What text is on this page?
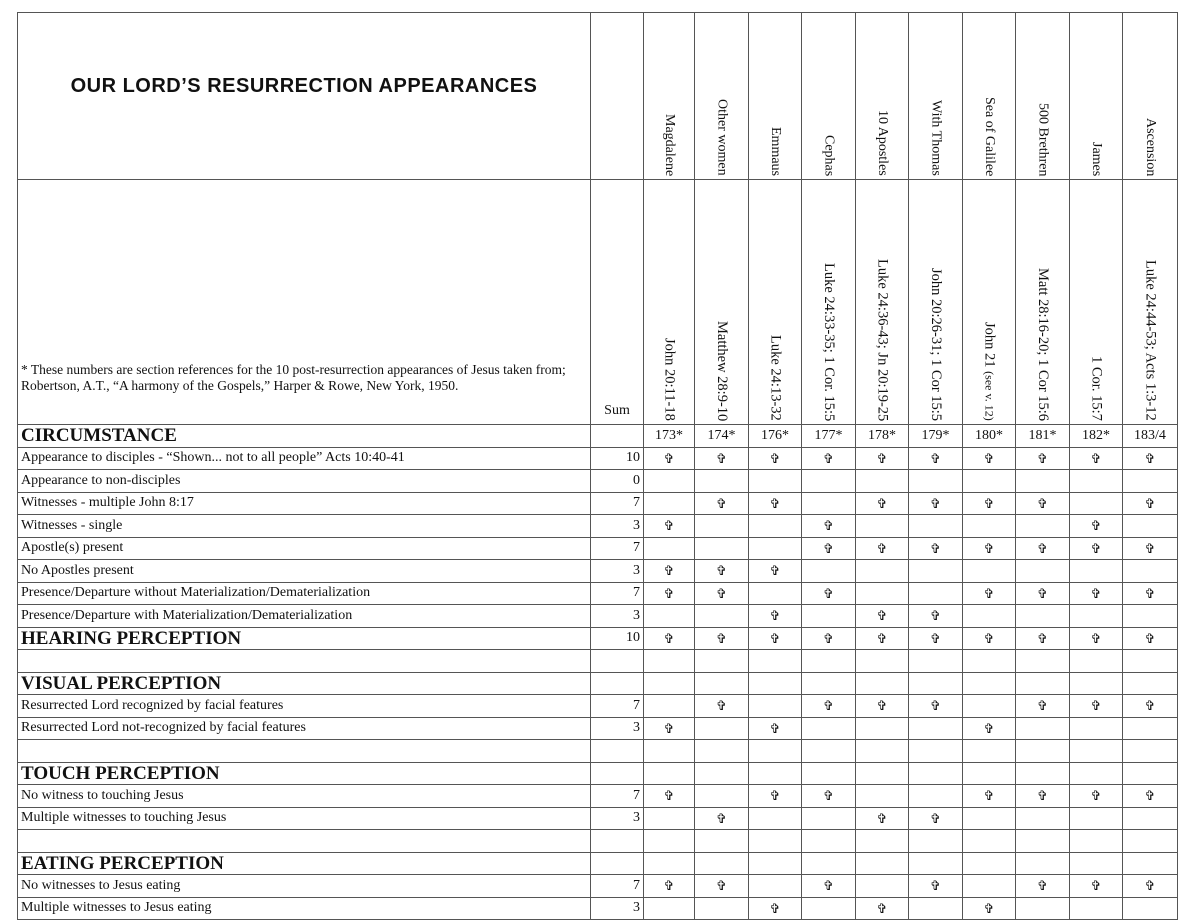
OUR LORD’S RESURRECTION APPEARANCES		Magdalene	Other women	Emmaus	Cephas	10 Apostles	With Thomas	Sea of Galilee	500 Brethren	James	Ascension

* These numbers are section references for the 10 post-resurrection appearances of Jesus taken from; Robertson, A.T., “A harmony of the Gospels,” Harper & Rowe, New York, 1950.	Sum	John 20:11-18	Matthew 28:9-10	Luke 24:13-32	Luke 24:33-35; 1 Cor. 15:5	Luke 24:36-43; Jn 20:19-25	John 20:26-31; 1 Cor 15:5	John 21 (see v. 12)	Matt 28:16-20; 1 Cor 15:6	1 Cor. 15:7	Luke 24:44-53; Acts 1:3-12

CIRCUMSTANCE		173*	174*	176*	177*	178*	179*	180*	181*	182*	183/4
Appearance to disciples - “Shown... not to all people” Acts 10:40-41	10	✞	✞	✞	✞	✞	✞	✞	✞	✞	✞
Appearance to non-disciples	0										
Witnesses - multiple John 8:17	7		✞	✞		✞	✞	✞	✞		✞
Witnesses - single	3	✞			✞					✞	
Apostle(s) present	7				✞	✞	✞	✞	✞	✞	✞
No Apostles present	3	✞	✞	✞							
Presence/Departure without Materialization/Dematerialization	7	✞	✞		✞			✞	✞	✞	✞
Presence/Departure with Materialization/Dematerialization	3			✞		✞	✞				
HEARING PERCEPTION	10	✞	✞	✞	✞	✞	✞	✞	✞	✞	✞

VISUAL PERCEPTION											
Resurrected Lord recognized by facial features	7		✞		✞	✞	✞		✞	✞	✞
Resurrected Lord not-recognized by facial features	3	✞		✞				✞			

TOUCH PERCEPTION											
No witness to touching Jesus	7	✞		✞	✞			✞	✞	✞	✞
Multiple witnesses to touching Jesus	3		✞			✞	✞				

EATING PERCEPTION											
No witnesses to Jesus eating	7	✞	✞		✞		✞		✞	✞	✞
Multiple witnesses to Jesus eating	3			✞		✞		✞			
